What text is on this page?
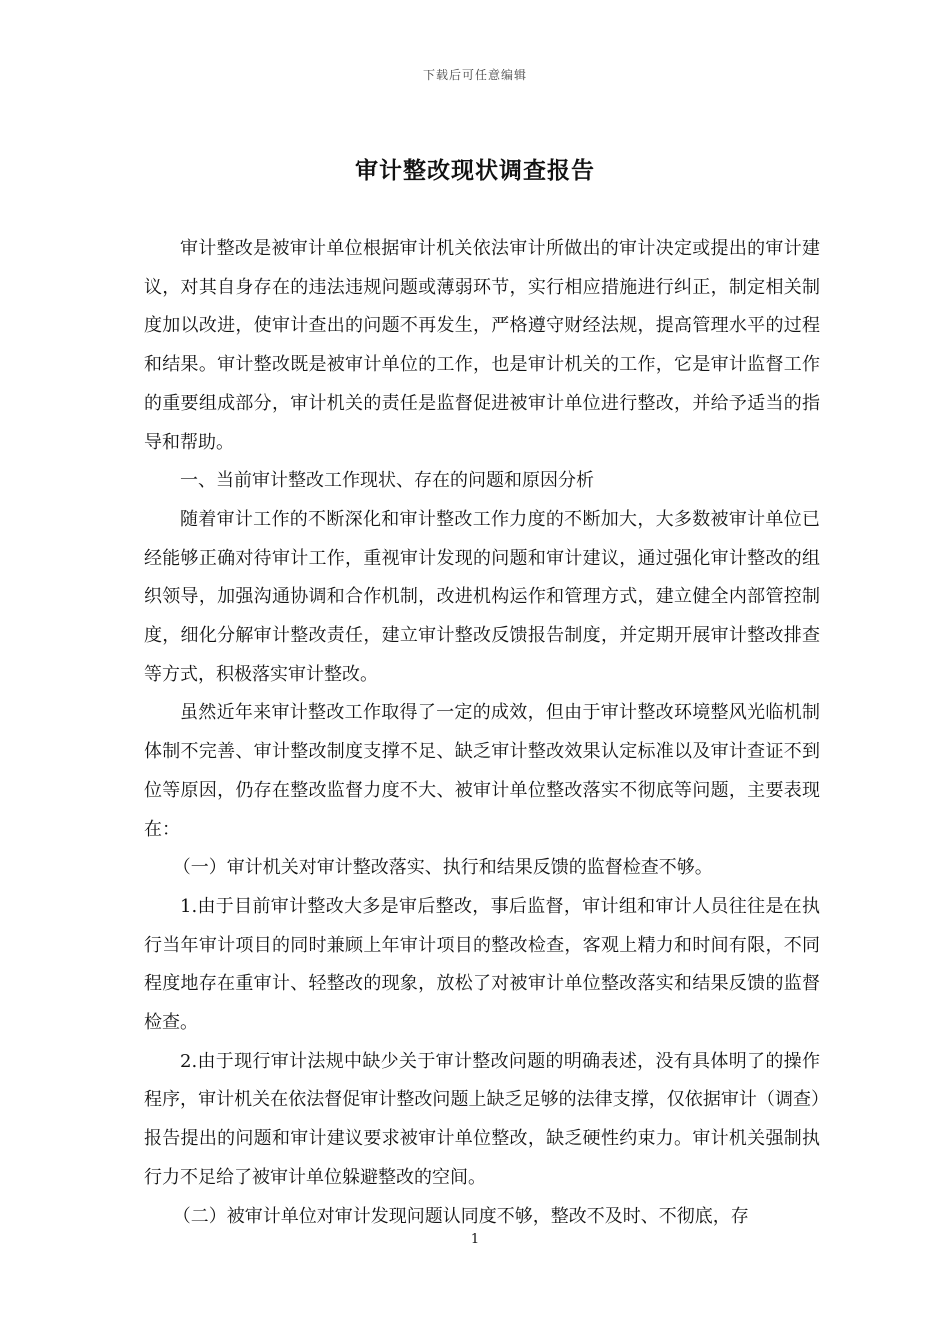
下载后可任意编辑
审计整改现状调查报告

审计整改是被审计单位根据审计机关依法审计所做出的审计决定或提出的审计建议，对其自身存在的违法违规问题或薄弱环节，实行相应措施进行纠正，制定相关制度加以改进，使审计查出的问题不再发生，严格遵守财经法规，提高管理水平的过程和结果。审计整改既是被审计单位的工作，也是审计机关的工作，它是审计监督工作的重要组成部分，审计机关的责任是监督促进被审计单位进行整改，并给予适当的指导和帮助。

一、当前审计整改工作现状、存在的问题和原因分析

随着审计工作的不断深化和审计整改工作力度的不断加大，大多数被审计单位已经能够正确对待审计工作，重视审计发现的问题和审计建议，通过强化审计整改的组织领导，加强沟通协调和合作机制，改进机构运作和管理方式，建立健全内部管控制度，细化分解审计整改责任，建立审计整改反馈报告制度，并定期开展审计整改排查等方式，积极落实审计整改。

虽然近年来审计整改工作取得了一定的成效，但由于审计整改环境整风光临机制体制不完善、审计整改制度支撑不足、缺乏审计整改效果认定标准以及审计查证不到位等原因，仍存在整改监督力度不大、被审计单位整改落实不彻底等问题，主要表现在：

（一）审计机关对审计整改落实、执行和结果反馈的监督检查不够。

1.由于目前审计整改大多是审后整改，事后监督，审计组和审计人员往往是在执行当年审计项目的同时兼顾上年审计项目的整改检查，客观上精力和时间有限，不同程度地存在重审计、轻整改的现象，放松了对被审计单位整改落实和结果反馈的监督检查。

2.由于现行审计法规中缺少关于审计整改问题的明确表述，没有具体明了的操作程序，审计机关在依法督促审计整改问题上缺乏足够的法律支撑，仅依据审计（调查）报告提出的问题和审计建议要求被审计单位整改，缺乏硬性约束力。审计机关强制执行力不足给了被审计单位躲避整改的空间。

（二）被审计单位对审计发现问题认同度不够，整改不及时、不彻底，存

1
